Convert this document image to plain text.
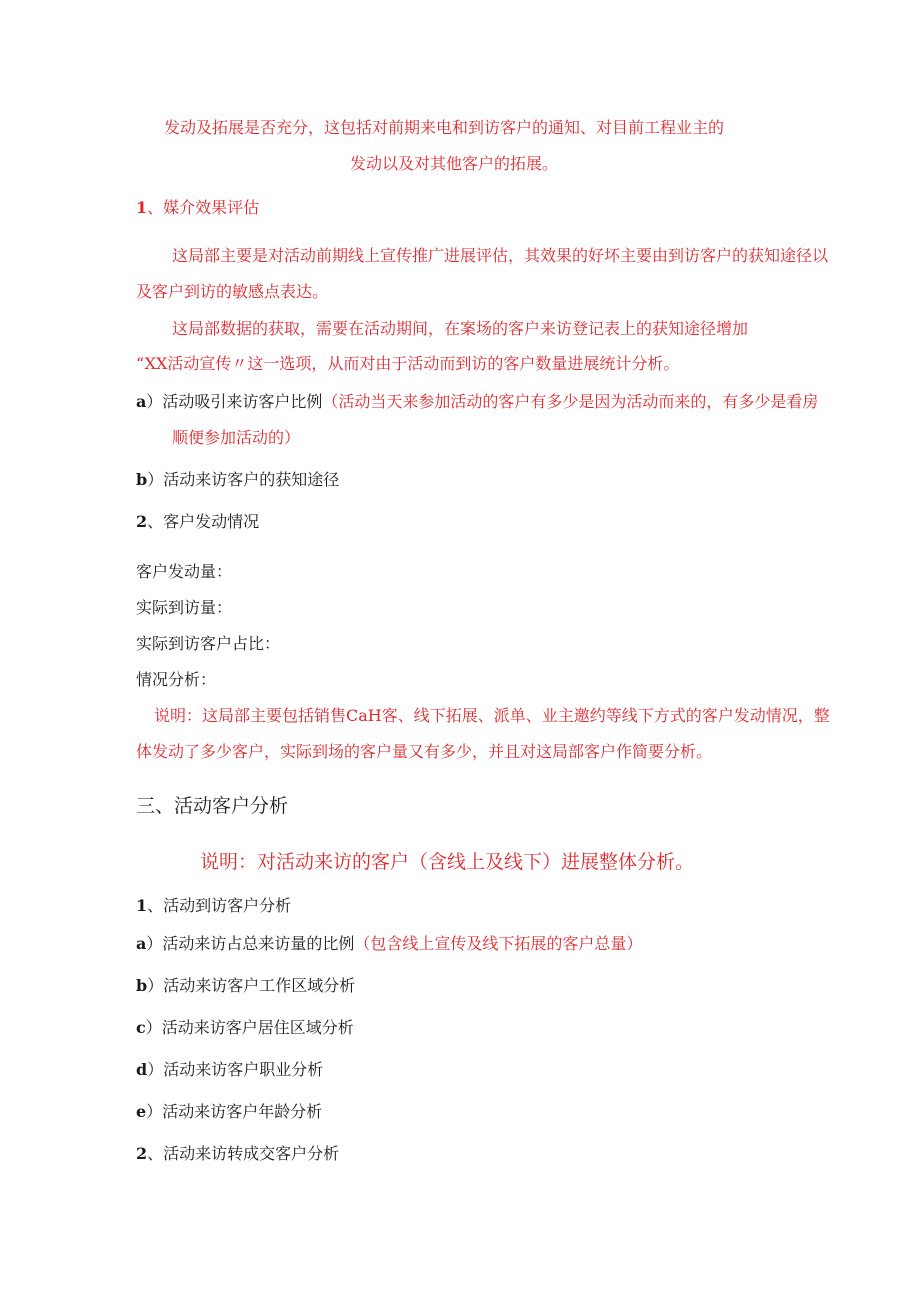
发动及拓展是否充分，这包括对前期来电和到访客户的通知、对目前工程业主的
发动以及对其他客户的拓展。
1、媒介效果评估
这局部主要是对活动前期线上宣传推广进展评估，其效果的好坏主要由到访客户的获知途径以
及客户到访的敏感点表达。
这局部数据的获取，需要在活动期间，在案场的客户来访登记表上的获知途径增加
“XX活动宣传〃这一选项，从而对由于活动而到访的客户数量进展统计分析。
a）活动吸引来访客户比例（活动当天来参加活动的客户有多少是因为活动而来的，有多少是看房
顺便参加活动的）
b）活动来访客户的获知途径
2、客户发动情况
客户发动量：
实际到访量：
实际到访客户占比：
情况分析：
说明：这局部主要包括销售CaH客、线下拓展、派单、业主邀约等线下方式的客户发动情况，整
体发动了多少客户，实际到场的客户量又有多少，并且对这局部客户作简要分析。
三、活动客户分析
说明：对活动来访的客户（含线上及线下）进展整体分析。
1、活动到访客户分析
a）活动来访占总来访量的比例（包含线上宣传及线下拓展的客户总量）
b）活动来访客户工作区域分析
c）活动来访客户居住区域分析
d）活动来访客户职业分析
e）活动来访客户年龄分析
2、活动来访转成交客户分析
